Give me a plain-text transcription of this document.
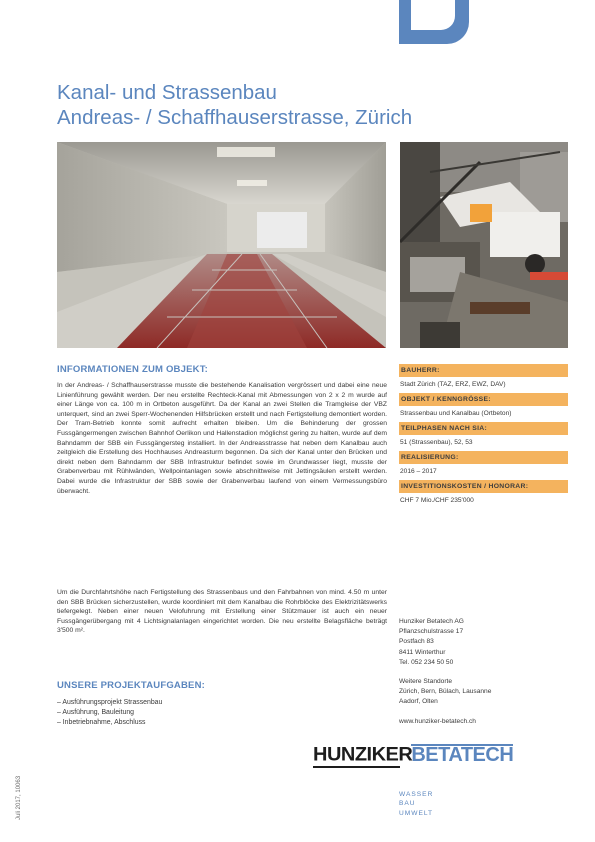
Kanal- und Strassenbau
Andreas- / Schaffhauserstrasse, Zürich
INFORMATIONEN ZUM OBJEKT:
In der Andreas- / Schaffhauserstrasse musste die bestehende Kanalisation vergrössert und dabei eine neue Linienführung gewählt werden. Der neu erstellte Rechteck-Kanal mit Abmessungen von 2 x 2 m wurde auf einer Länge von ca. 100 m in Ortbeton ausgeführt. Da der Kanal an zwei Stellen die Tramgleise der VBZ unterquert, sind an zwei Sperr-Wochenenden Hilfsbrücken erstellt und nach Fertigstellung demontiert worden. Der Tram-Betrieb konnte somit aufrecht erhalten bleiben. Um die Behinderung der grossen Fussgängermengen zwischen Bahnhof Oerlikon und Hallenstadion möglichst gering zu halten, wurde auf dem Bahndamm der SBB ein Fussgängersteg installiert. In der Andreasstrasse hat neben dem Kanalbau auch zeitgleich die Erstellung des Hochhauses Andreasturm begonnen. Da sich der Kanal unter den Brücken und direkt neben dem Bahndamm der SBB Infrastruktur befindet sowie im Grundwasser liegt, musste der Grabenverbau mit Rühlwänden, Wellpointanlagen sowie abschnittweise mit Jettingsäulen erstellt werden. Dabei wurde die Infrastruktur der SBB sowie der Grabenverbau laufend von einem Vermessungsbüro überwacht.
Um die Durchfahrtshöhe nach Fertigstellung des Strassenbaus und den Fahrbahnen von mind. 4.50 m unter den SBB Brücken sicherzustellen, wurde koordiniert mit dem Kanalbau die Rohrblöcke des Elektrizitätswerks tiefergelegt. Neben einer neuen Velofuhrung mit Erstellung einer Stützmauer ist auch ein neuer Fussgängerübergang mit 4 Lichtsignalanlagen eingerichtet worden. Die neu erstellte Belagsfläche beträgt 3'500 m².
UNSERE PROJEKTAUFGABEN:
– Ausführungsprojekt Strassenbau
– Ausführung, Bauleitung
– Inbetriebnahme, Abschluss
BAUHERR:
Stadt Zürich (TAZ, ERZ, EWZ, DAV)
OBJEKT / KENNGRÖSSE:
Strassenbau und Kanalbau (Ortbeton)
TEILPHASEN NACH SIA:
51 (Strassenbau), 52, 53
REALISIERUNG:
2016 – 2017
INVESTITIONSKOSTEN / HONORAR:
CHF 7 Mio./CHF 235'000
Hunziker Betatech AG
Pflanzschulstrasse 17
Postfach 83
8411 Winterthur
Tel. 052 234 50 50
Weitere Standorte
Zürich, Bern, Bülach, Lausanne
Aadorf, Olten
www.hunziker-betatech.ch
HUNZIKERBETATECH
WASSER
BAU
UMWELT
Juli 2017, 10063
